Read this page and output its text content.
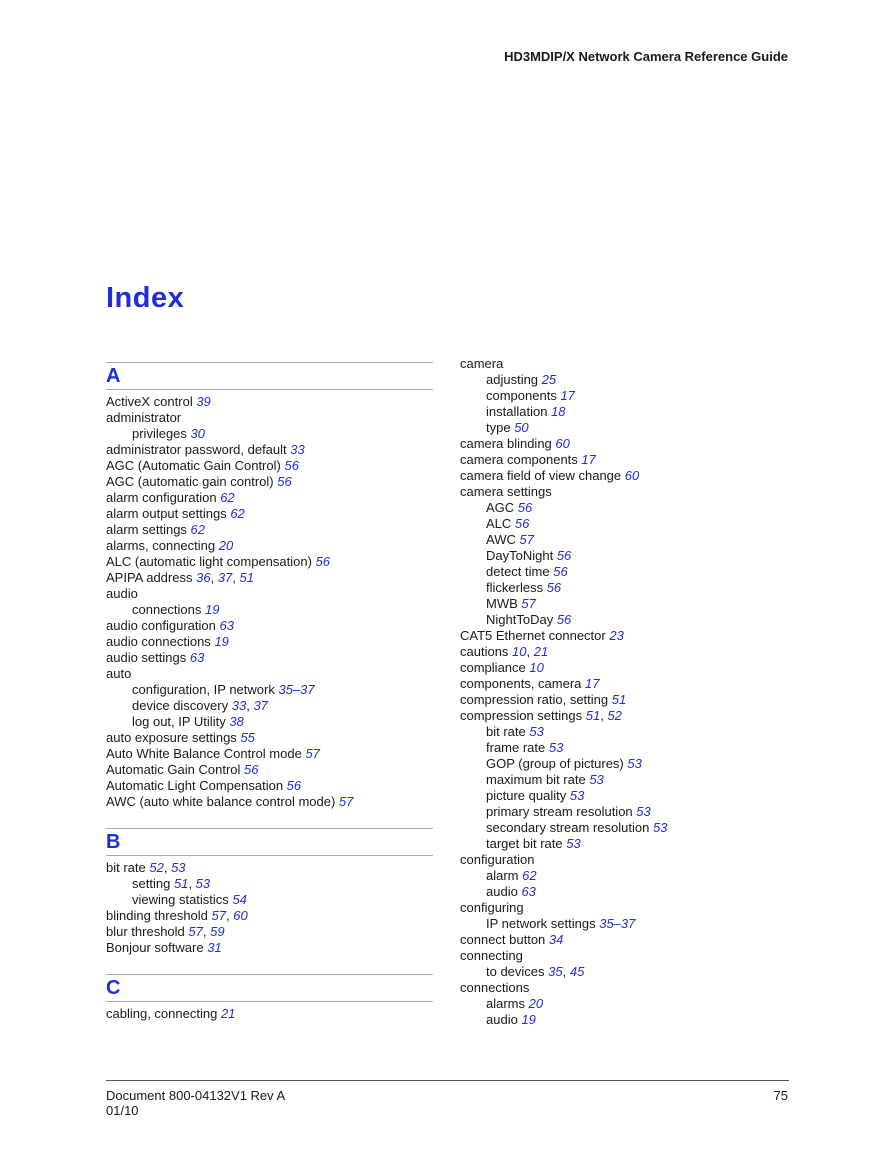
HD3MDIP/X Network Camera Reference Guide
Index
A
ActiveX control 39
administrator
privileges 30
administrator password, default 33
AGC (Automatic Gain Control) 56
AGC (automatic gain control) 56
alarm configuration 62
alarm output settings 62
alarm settings 62
alarms, connecting 20
ALC (automatic light compensation) 56
APIPA address 36, 37, 51
audio
connections 19
audio configuration 63
audio connections 19
audio settings 63
auto
configuration, IP network 35–37
device discovery 33, 37
log out, IP Utility 38
auto exposure settings 55
Auto White Balance Control mode 57
Automatic Gain Control 56
Automatic Light Compensation 56
AWC (auto white balance control mode) 57
B
bit rate 52, 53
setting 51, 53
viewing statistics 54
blinding threshold 57, 60
blur threshold 57, 59
Bonjour software 31
C
cabling, connecting 21
camera
adjusting 25
components 17
installation 18
type 50
camera blinding 60
camera components 17
camera field of view change 60
camera settings
AGC 56
ALC 56
AWC 57
DayToNight 56
detect time 56
flickerless 56
MWB 57
NightToDay 56
CAT5 Ethernet connector 23
cautions 10, 21
compliance 10
components, camera 17
compression ratio, setting 51
compression settings 51, 52
bit rate 53
frame rate 53
GOP (group of pictures) 53
maximum bit rate 53
picture quality 53
primary stream resolution 53
secondary stream resolution 53
target bit rate 53
configuration
alarm 62
audio 63
configuring
IP network settings 35–37
connect button 34
connecting
to devices 35, 45
connections
alarms 20
audio 19
Document 800-04132V1 Rev A
01/10
75
